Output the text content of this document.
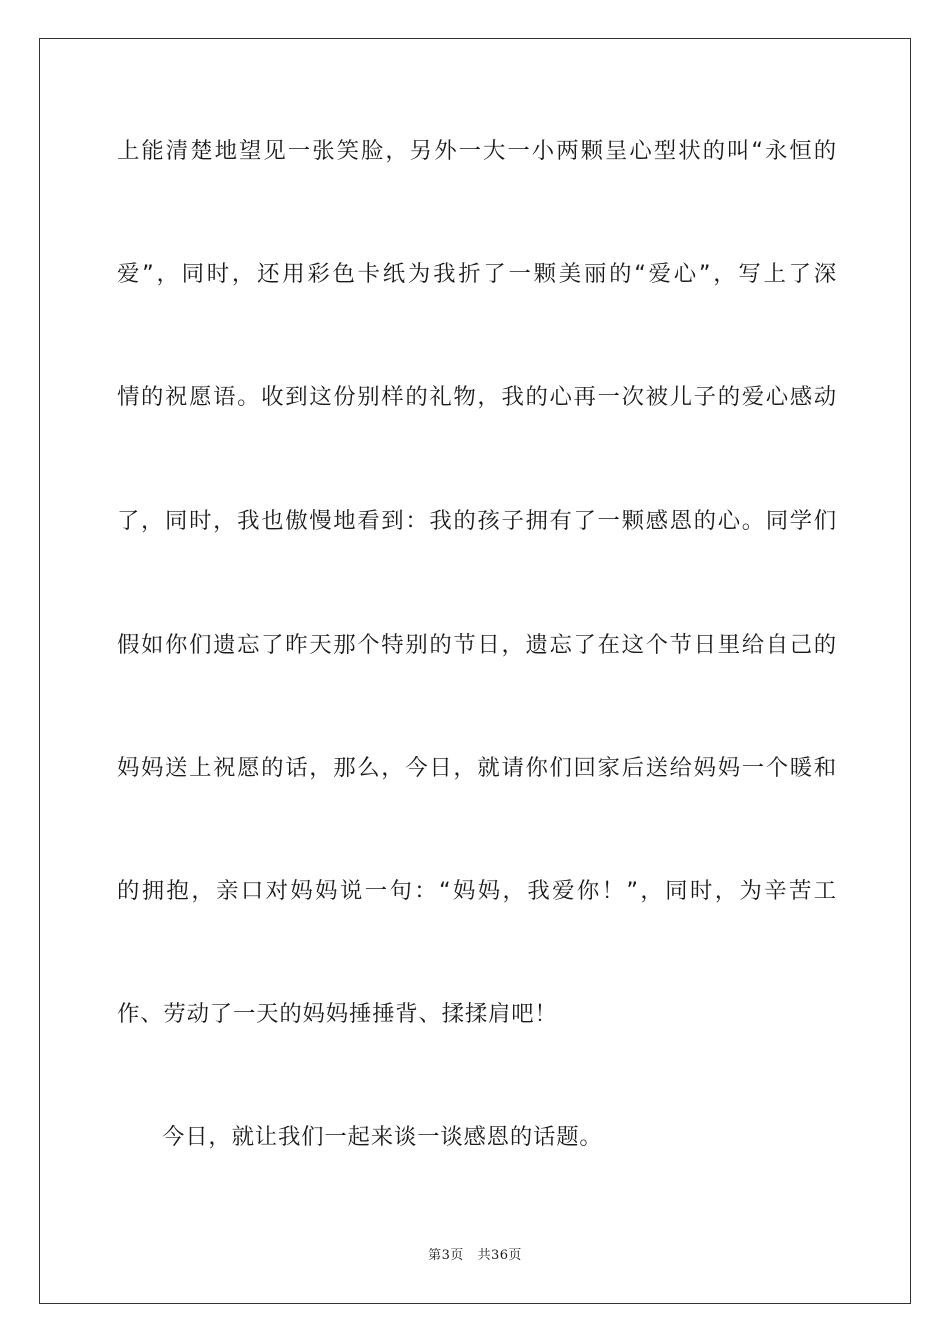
上能清楚地望见一张笑脸，另外一大一小两颗呈心型状的叫“永恒的
爱”，同时，还用彩色卡纸为我折了一颗美丽的“爱心”，写上了深
情的祝愿语。收到这份别样的礼物，我的心再一次被儿子的爱心感动
了，同时，我也傲慢地看到：我的孩子拥有了一颗感恩的心。同学们
假如你们遗忘了昨天那个特别的节日，遗忘了在这个节日里给自己的
妈妈送上祝愿的话，那么，今日，就请你们回家后送给妈妈一个暖和
的拥抱，亲口对妈妈说一句：“妈妈，我爱你！”，同时，为辛苦工
作、劳动了一天的妈妈捶捶背、揉揉肩吧！
今日，就让我们一起来谈一谈感恩的话题。
第3页 共36页
